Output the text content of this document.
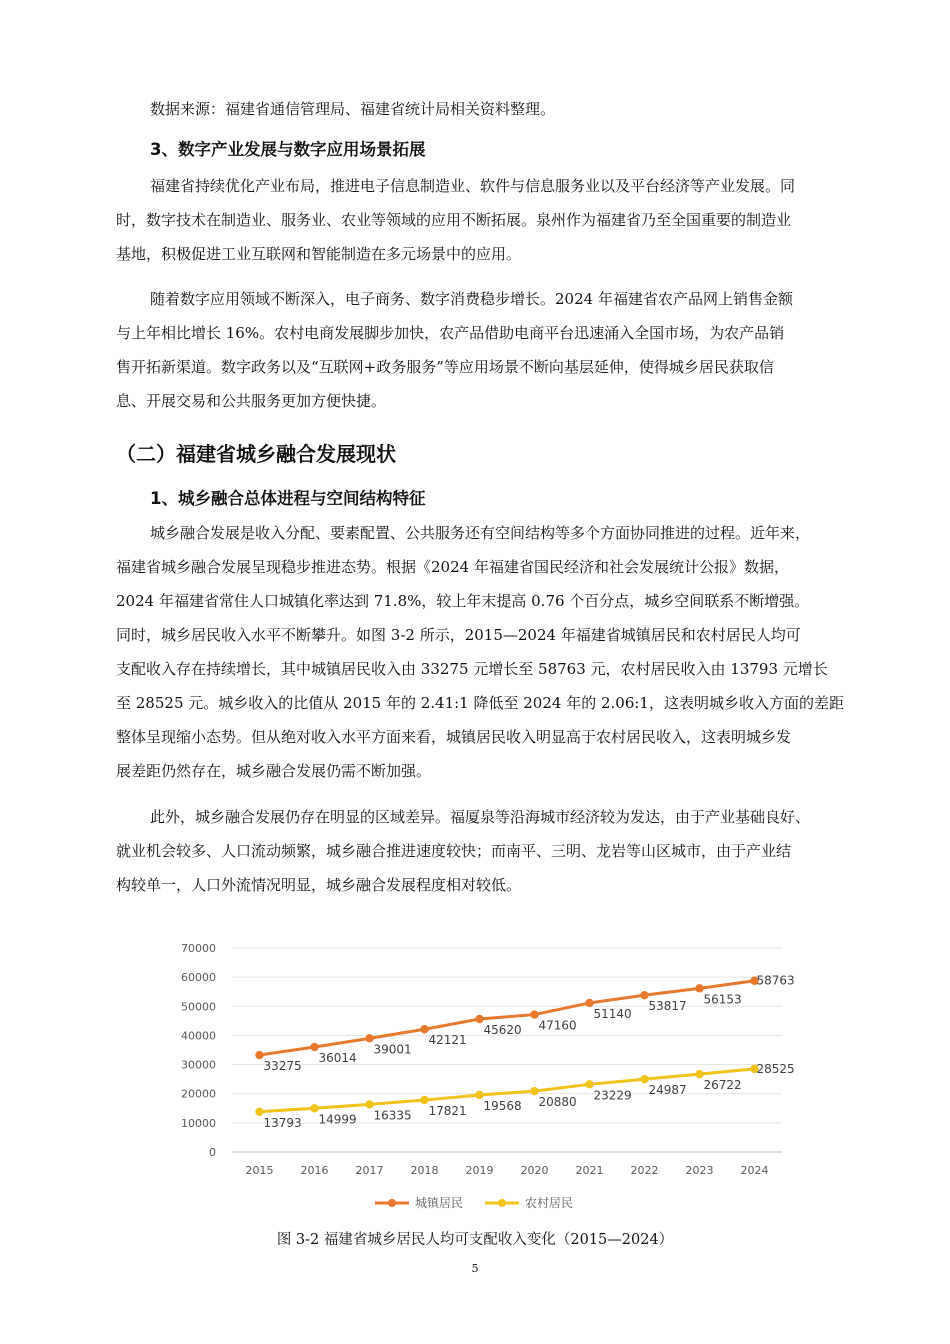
数据来源：福建省通信管理局、福建省统计局相关资料整理。
3、数字产业发展与数字应用场景拓展
福建省持续优化产业布局，推进电子信息制造业、软件与信息服务业以及平台经济等产业发展。同
时，数字技术在制造业、服务业、农业等领域的应用不断拓展。泉州作为福建省乃至全国重要的制造业
基地，积极促进工业互联网和智能制造在多元场景中的应用。
随着数字应用领域不断深入，电子商务、数字消费稳步增长。2024 年福建省农产品网上销售金额
与上年相比增长 16%。农村电商发展脚步加快，农产品借助电商平台迅速涌入全国市场，为农产品销
售开拓新渠道。数字政务以及“互联网+政务服务”等应用场景不断向基层延伸，使得城乡居民获取信
息、开展交易和公共服务更加方便快捷。
（二）福建省城乡融合发展现状
1、城乡融合总体进程与空间结构特征
城乡融合发展是收入分配、要素配置、公共服务还有空间结构等多个方面协同推进的过程。近年来，
福建省城乡融合发展呈现稳步推进态势。根据《2024 年福建省国民经济和社会发展统计公报》数据，
2024 年福建省常住人口城镇化率达到 71.8%，较上年末提高 0.76 个百分点，城乡空间联系不断增强。
同时，城乡居民收入水平不断攀升。如图 3-2 所示，2015—2024 年福建省城镇居民和农村居民人均可
支配收入存在持续增长，其中城镇居民收入由 33275 元增长至 58763 元，农村居民收入由 13793 元增长
至 28525 元。城乡收入的比值从 2015 年的 2.41:1 降低至 2024 年的 2.06:1，这表明城乡收入方面的差距
整体呈现缩小态势。但从绝对收入水平方面来看，城镇居民收入明显高于农村居民收入，这表明城乡发
展差距仍然存在，城乡融合发展仍需不断加强。
此外，城乡融合发展仍存在明显的区域差异。福厦泉等沿海城市经济较为发达，由于产业基础良好、
就业机会较多、人口流动频繁，城乡融合推进速度较快；而南平、三明、龙岩等山区城市，由于产业结
构较单一，人口外流情况明显，城乡融合发展程度相对较低。
0
10000
20000
30000
40000
50000
60000
70000
2015 2016 2017 2018 2019 2020 2021 2022 2023 2024
33275
36014
39001
42121
45620 47160
51140
53817 56153
58763
13793 14999 16335 17821 19568 20880 23229 24987 26722
28525
城镇居民	农村居民
图 3-2 福建省城乡居民人均可支配收入变化（2015—2024）
5
